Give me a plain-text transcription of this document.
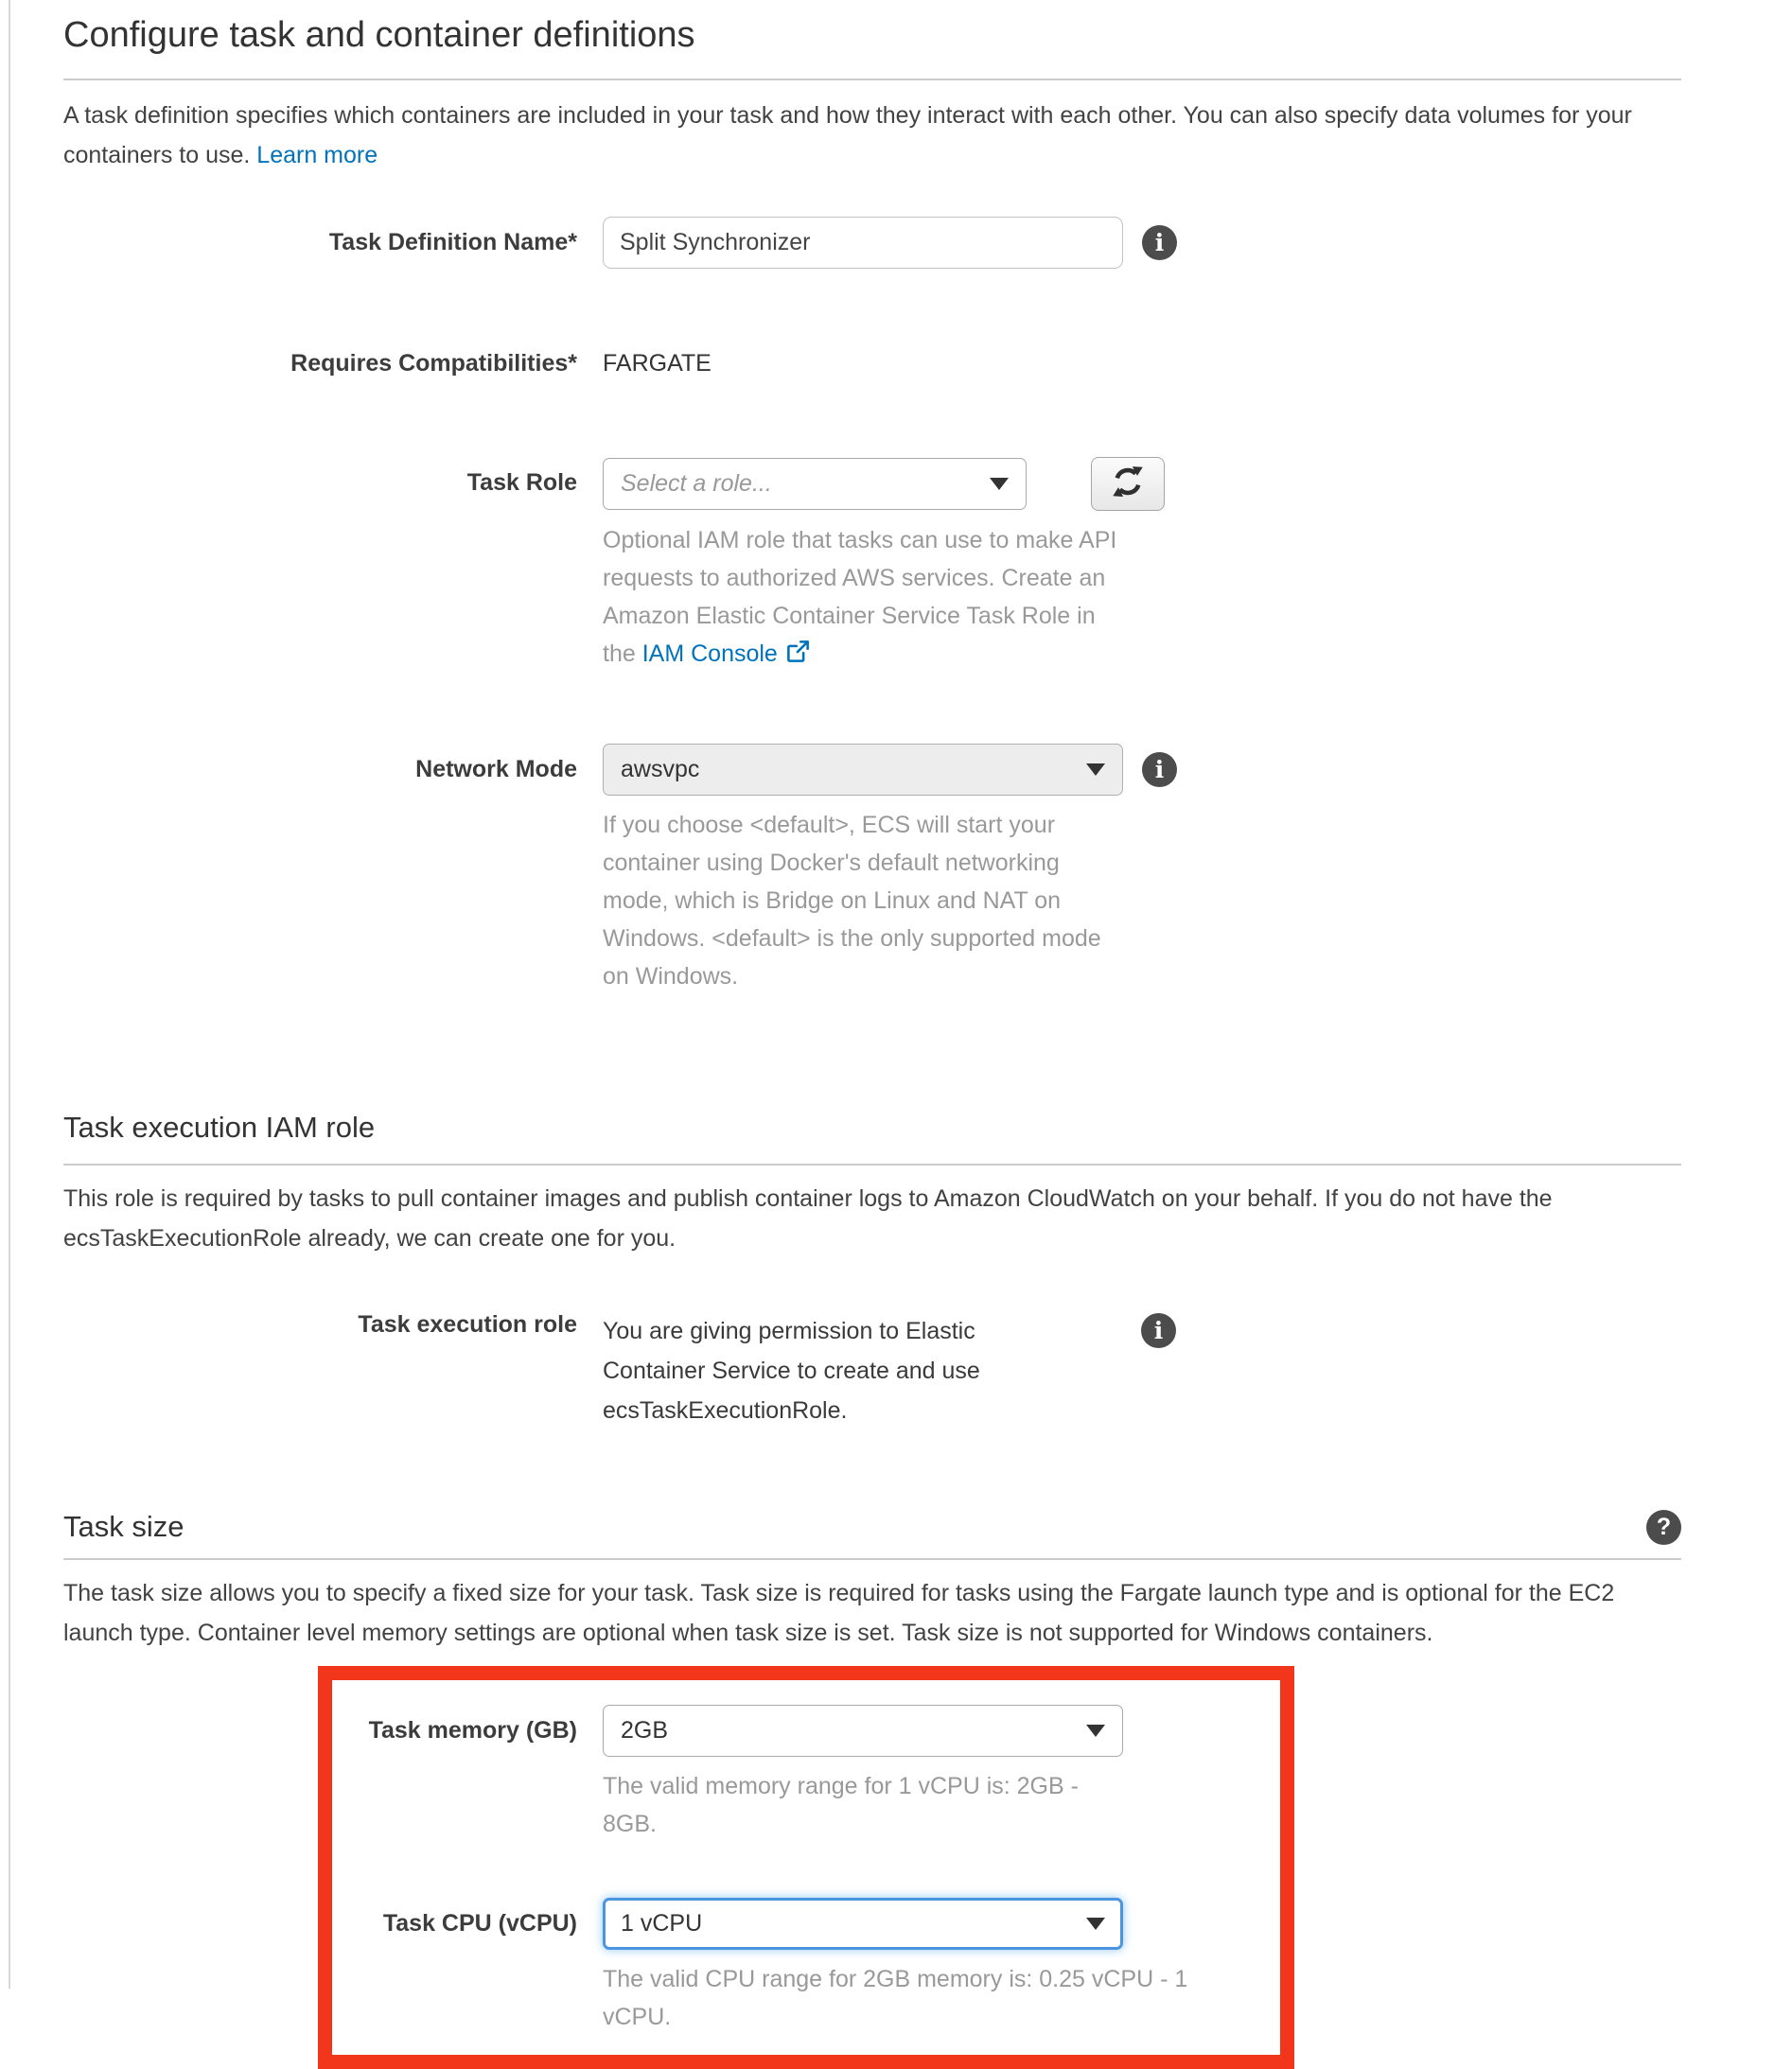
Configure task and container definitions

A task definition specifies which containers are included in your task and how they interact with each other. You can also specify data volumes for your containers to use. Learn more

Task Definition Name*
Split Synchronizer	i
Requires Compatibilities* FARGATE
Task Role Select a role...
Optional IAM role that tasks can use to make API requests to authorized AWS services. Create an Amazon Elastic Container Service Task Role in the IAM Console
Network Mode awsvpc	i
If you choose <default>, ECS will start your container using Docker's default networking mode, which is Bridge on Linux and NAT on Windows. <default> is the only supported mode on Windows.
Task execution IAM role

This role is required by tasks to pull container images and publish container logs to Amazon CloudWatch on your behalf. If you do not have the ecsTaskExecutionRole already, we can create one for you.

Task execution role You are giving permission to Elastic Container Service to create and use ecsTaskExecutionRole.
i
Task size	?

The task size allows you to specify a fixed size for your task. Task size is required for tasks using the Fargate launch type and is optional for the EC2 launch type. Container level memory settings are optional when task size is set. Task size is not supported for Windows containers.

Task memory (GB) 2GB
The valid memory range for 1 vCPU is: 2GB - 8GB.
Task CPU (vCPU) 1 vCPU
The valid CPU range for 2GB memory is: 0.25 vCPU - 1 vCPU.
